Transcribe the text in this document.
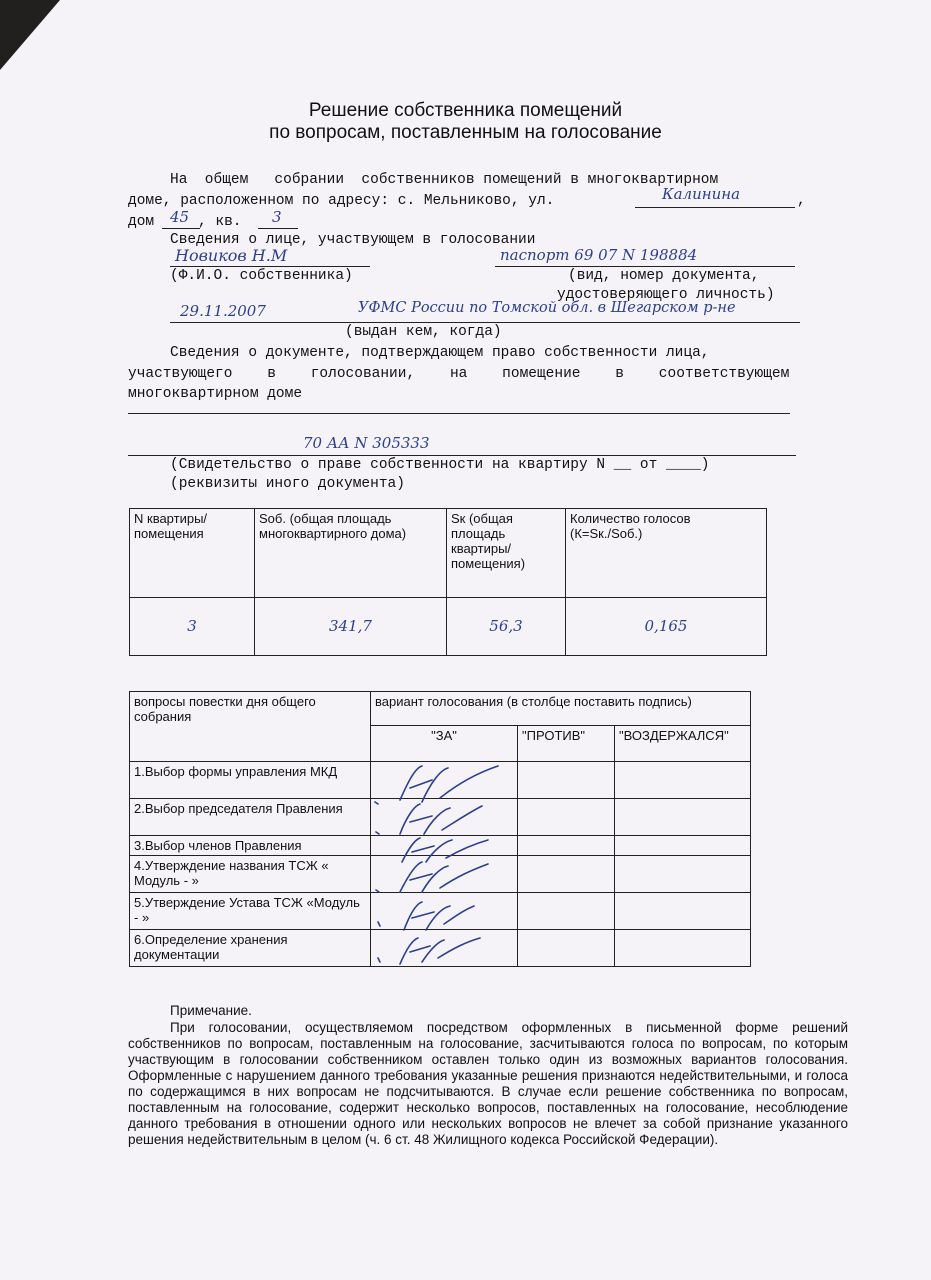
Решение собственника помещений
по вопросам, поставленным на голосование
На  общем   собрании  собственников помещений в многоквартирном
доме, расположенном по адресу: с. Мельниково, ул.	Калинина	,
дом 45 , кв. 3
Сведения о лице, участвующем в голосовании
Новиков Н.М	паспорт 69 07 N 198884
(Ф.И.О. собственника)	(вид, номер документа,
удостоверяющего личность)
29.11.2007	УФМС России по Томской обл. в Шегарском р-не
(выдан кем, когда)
Сведения о документе, подтверждающем право собственности лица,
участвующего    в    голосовании,    на    помещение    в    соответствующем
многоквартирном доме
70 АА N 305333
(Свидетельство о праве собственности на квартиру N __ от ____)
(реквизиты иного документа)
N квартиры/ помещения	Sоб. (общая площадь многоквартирного дома)	Sк (общая площадь квартиры/ помещения)	Количество голосов (К=Sк./Sоб.)
3	341,7	56,3	0,165
вопросы повестки дня общего собрания	вариант голосования (в столбце поставить подпись)		
	"ЗА"	"ПРОТИВ"	"ВОЗДЕРЖАЛСЯ"
1.Выбор формы управления МКД			
2.Выбор председателя Правления			
3.Выбор членов Правления			
4.Утверждение названия ТСЖ « Модуль - »			
5.Утверждение Устава ТСЖ «Модуль - »			
6.Определение хранения документации			
Примечание.
При голосовании, осуществляемом посредством оформленных в письменной форме решений собственников по вопросам, поставленным на голосование, засчитываются голоса по вопросам, по которым участвующим в голосовании собственником оставлен только один из возможных вариантов голосования. Оформленные с нарушением данного требования указанные решения признаются недействительными, и голоса по содержащимся в них вопросам не подсчитываются. В случае если решение собственника по вопросам, поставленным на голосование, содержит несколько вопросов, поставленных на голосование, несоблюдение данного требования в отношении одного или нескольких вопросов не влечет за собой признание указанного решения недействительным в целом (ч. 6 ст. 48 Жилищного кодекса Российской Федерации).
